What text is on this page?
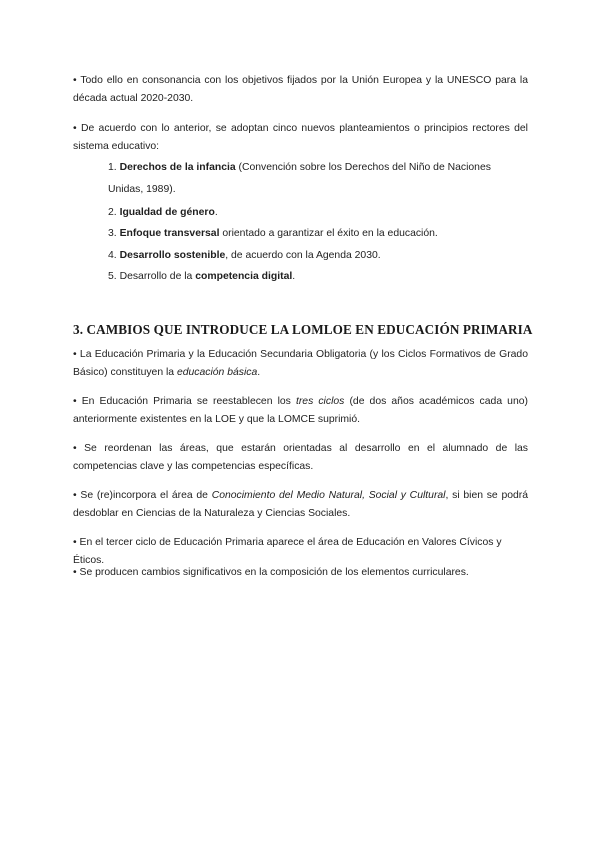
• Todo ello en consonancia con los objetivos fijados por la Unión Europea y la UNESCO para la década actual 2020-2030.

• De acuerdo con lo anterior, se adoptan cinco nuevos planteamientos o principios rectores del sistema educativo:

1. Derechos de la infancia (Convención sobre los Derechos del Niño de Naciones Unidas, 1989).

2. Igualdad de género.

3. Enfoque transversal orientado a garantizar el éxito en la educación.

4. Desarrollo sostenible, de acuerdo con la Agenda 2030.

5. Desarrollo de la competencia digital.

3. CAMBIOS QUE INTRODUCE LA LOMLOE EN EDUCACIÓN PRIMARIA

• La Educación Primaria y la Educación Secundaria Obligatoria (y los Ciclos Formativos de Grado Básico) constituyen la educación básica.

• En Educación Primaria se reestablecen los tres ciclos (de dos años académicos cada uno) anteriormente existentes en la LOE y que la LOMCE suprimió.

• Se reordenan las áreas, que estarán orientadas al desarrollo en el alumnado de las competencias clave y las competencias específicas.

• Se (re)incorpora el área de Conocimiento del Medio Natural, Social y Cultural, si bien se podrá desdoblar en Ciencias de la Naturaleza y Ciencias Sociales.

• En el tercer ciclo de Educación Primaria aparece el área de Educación en Valores Cívicos y Éticos.

• Se producen cambios significativos en la composición de los elementos curriculares.
